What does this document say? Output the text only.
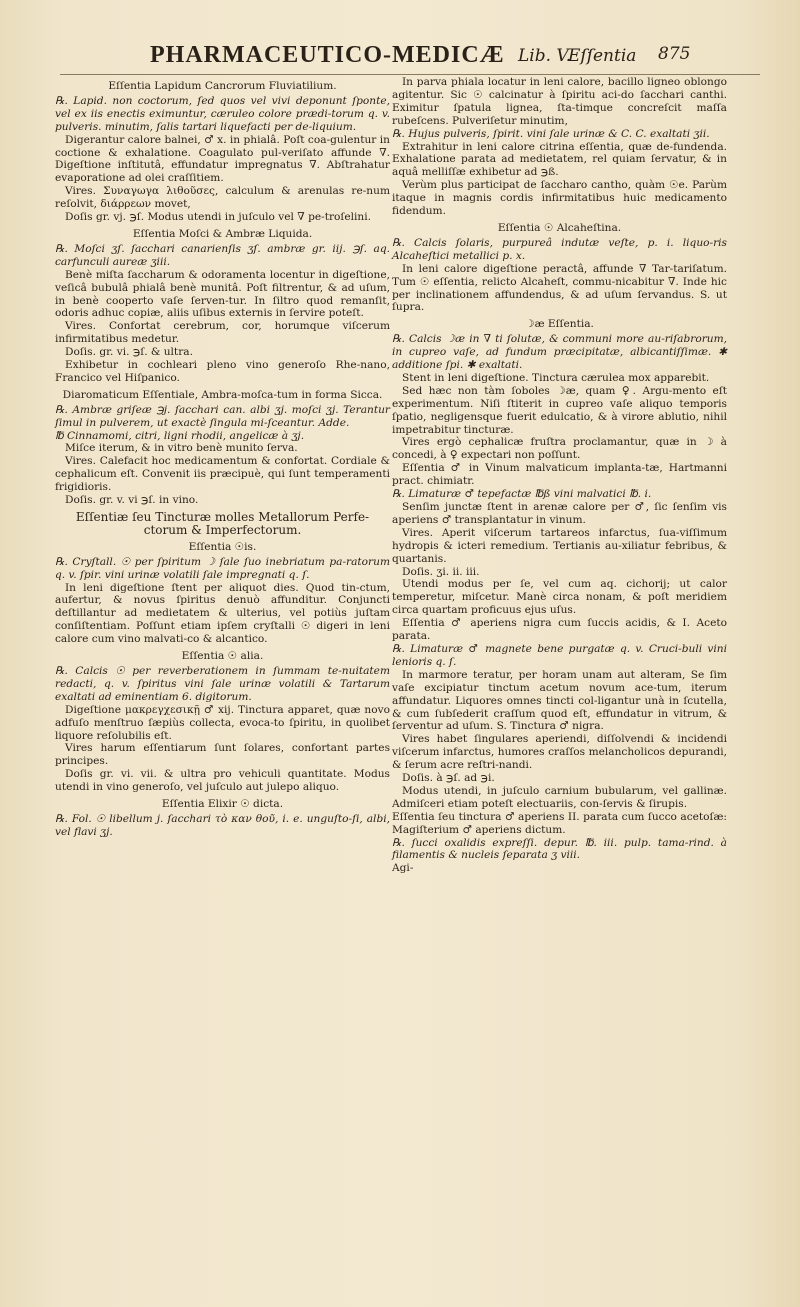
PHARMACEUTICO-MEDICÆ Lib. V.
Eſſentia 875

Eſſentia Lapidum Cancrorum Fluviatilium.

℞. Lapid. non coctorum, ſed quos vel vivi deponunt ſponte, vel ex iis enectis eximuntur, cæruleo colore prædi-torum q. v. pulveris. minutim, ſalis tartari liquefacti per de-liquium.

Digerantur calore balnei, ♂ x. in phialâ. Poſt coa-gulentur in coctione & exhalatione. Coagulato pul-veriſato affunde ∇. Digeſtione inſtitutâ, effundatur impregnatus ∇. Abſtrahatur evaporatione ad olei craſſitiem.

Vires. Συναγωγα λιθοῦσες, calculum & arenulas re-num reſolvit, διάρρεων movet,

Doſis gr. vj. ℈ſ. Modus utendi in juſculo vel ∇ pe-troſelini.

Eſſentia Moſci & Ambræ Liquida.

℞. Moſci ʒſ. ſacchari canarienſis ʒſ. ambræ gr. iij. ℈ſ. aq. carfunculi aureæ ʒiii.

Benè miſta ſaccharum & odoramenta locentur in digeſtione, veſicâ bubulâ phialâ benè munitâ. Poſt filtrentur, & ad uſum, in benè cooperto vaſe ſerven-tur. In ſiltro quod remanſit, odoris adhuc copiæ, aliis uſibus externis in ſervire poteſt.

Vires. Confortat cerebrum, cor, horumque viſcerum infirmitatibus medetur.

Doſis. gr. vi. ℈ſ. & ultra.

Exhibetur in cochleari pleno vino generoſo Rhe-nano, Francico vel Hiſpanico.

Diaromaticum Eſſentiale, Ambra-moſca-tum in forma Sicca.

℞. Ambræ griſeæ ℈j. ſacchari can. albi ʒj. moſci ʒj. Terantur ſimul in pulverem, ut exactè ſingula mi-ſceantur. Adde.

℔ Cinnamomi, citri, ligni rhodii, angelicæ à ʒj.

Miſce iterum, & in vitro benè munito ſerva.

Vires. Calefacit hoc medicamentum & confortat. Cordiale & cephalicum eſt. Convenit iis præcipuè, qui ſunt temperamenti frigidioris.

Doſis. gr. v. vi ℈ſ. in vino.

Eſſentiæ ſeu Tincturæ molles Metallorum Perfe-ctorum & Imperfectorum.

Eſſentia ☉is.

℞. Cryſtall. ☉ per ſpiritum ☽ ſale ſuo inebriatum pa-ratorum q. v. ſpir. vini urinæ volatili ſale impregnati q. ſ.

In leni digeſtione ſtent per aliquot dies. Quod tin-ctum, aufertur, & novus ſpiritus denuò affunditur. Conjuncti deſtillantur ad medietatem & ulterius, vel potiùs juſtam conſiſtentiam. Poſſunt etiam ipſem cryſtalli ☉ digeri in leni calore cum vino malvati-co & alcantico.

Eſſentia ☉ alia.

℞. Calcis ☉ per reverberationem in ſummam te-nuitatem redacti, q. v. ſpiritus vini ſale urinæ volatili & Tartarum exaltati ad eminentiam 6. digitorum.

Digeſtione μακρεγχεσικῇ ♂ xij. Tinctura apparet, quæ novo adfuſo menſtruo ſæpiùs collecta, evoca-to ſpiritu, in quolibet liquore reſolubilis eſt.

Vires harum eſſentiarum ſunt ſolares, confortant partes principes.

Doſis gr. vi. vii. & ultra pro vehiculi quantitate. Modus utendi in vino generoſo, vel juſculo aut julepo aliquo.

Eſſentia Elixir ☉ dicta.

℞. Fol. ☉ libellum j. ſacchari τὸ καν θοῦ, i. e. unguſto-ſi, albi, vel flavi ʒj.

In parva phiala locatur in leni calore, bacillo ligneo oblongo agitentur. Sic ☉ calcinatur à ſpiritu aci-do ſacchari canthi. Eximitur ſpatula lignea, ſta-timque concreſcit maſſa rubeſcens. Pulveriſetur minutim,

℞. Hujus pulveris, ſpirit. vini ſale urinæ & C. C. exaltati ʒii.

Extrahitur in leni calore citrina eſſentia, quæ de-fundenda. Exhalatione parata ad medietatem, rel quiam ſervatur, & in aquâ melliſſæ exhibetur ad ℈ß.

Verùm plus participat de ſaccharo cantho, quàm ☉e. Parùm itaque in magnis cordis infirmitatibus huic medicamento fidendum.

Eſſentia ☉ Alcaheſtina.

℞. Calcis ſolaris, purpureâ indutæ veſte, p. i. liquo-ris Alcaheſtici metallici p. x.

In leni calore digeſtione peractâ, affunde ∇ Tar-tariſatum. Tum ☉ eſſentia, relicto Alcaheſt, commu-nicabitur ∇. Inde hic per inclinationem affundendus, & ad uſum ſervandus. S. ut ſupra.

☽æ Eſſentia.

℞. Calcis ☽æ in ∇ ti ſolutæ, & communi more au-riſabrorum, in cupreo vaſe, ad fundum præcipitatæ, albicantiſſimæ. ✱ additione ſpi. ✱ exaltati.

Stent in leni digeſtione. Tinctura cærulea mox apparebit.

Sed hæc non tàm ſoboles ☽æ, quam ♀. Argu-mento eſt experimentum. Niſi ſtiterit in cupreo vaſe aliquo temporis ſpatio, negligensque fuerit edulcatio, & à virore ablutio, nihil impetrabitur tincturæ.

Vires ergò cephalicæ fruſtra proclamantur, quæ in ☽ à concedi, à ♀ expectari non poſſunt.

Eſſentia ♂ in Vinum malvaticum implanta-tæ, Hartmanni pract. chimiatr.

℞. Limaturæ ♂ tepefactæ ℔ß vini malvatici ℔. i.

Senſim junctæ ſtent in arenæ calore per ♂, ſic ſenſim vis aperiens ♂ transplantatur in vinum.

Vires. Aperit viſcerum tartareos infarctus, ſua-viſſimum hydropis & icteri remedium. Tertianis au-xiliatur febribus, & quartanis.

Doſis. ʒi. ii. iii.

Utendi modus per ſe, vel cum aq. cichorij; ut calor temperetur, miſcetur. Manè circa nonam, & poſt meridiem circa quartam proficuus ejus uſus.

Eſſentia ♂ aperiens nigra cum ſuccis acidis, & I. Aceto parata.

℞. Limaturæ ♂ magnete bene purgatæ q. v. Cruci-buli vini lenioris q. ſ.

In marmore teratur, per horam unam aut alteram, Se ſim vaſe excipiatur tinctum acetum novum ace-tum, iterum affundatur. Liquores omnes tincti col-ligantur unà in ſcutella, & cum ſubſederit craſſum quod eſt, effundatur in vitrum, & ſerventur ad uſum. S. Tinctura ♂ nigra.

Vires habet ſingulares aperiendi, diſſolvendi & incidendi viſcerum infarctus, humores craſſos melancholicos depurandi, & ſerum acre reſtri-nandi.

Doſis. à ℈ſ. ad ℈i.

Modus utendi, in juſculo carnium bubularum, vel gallinæ. Admiſceri etiam poteſt electuariis, con-ſervis & ſirupis.

Eſſentia ſeu tinctura ♂ aperiens II. parata cum ſucco acetoſæ: Magiſterium ♂ aperiens dictum.

℞. ſucci oxalidis expreſſi. depur. ℔. iii. pulp. tama-rind. à filamentis & nucleis ſeparata ʒ viii.

Agi-
